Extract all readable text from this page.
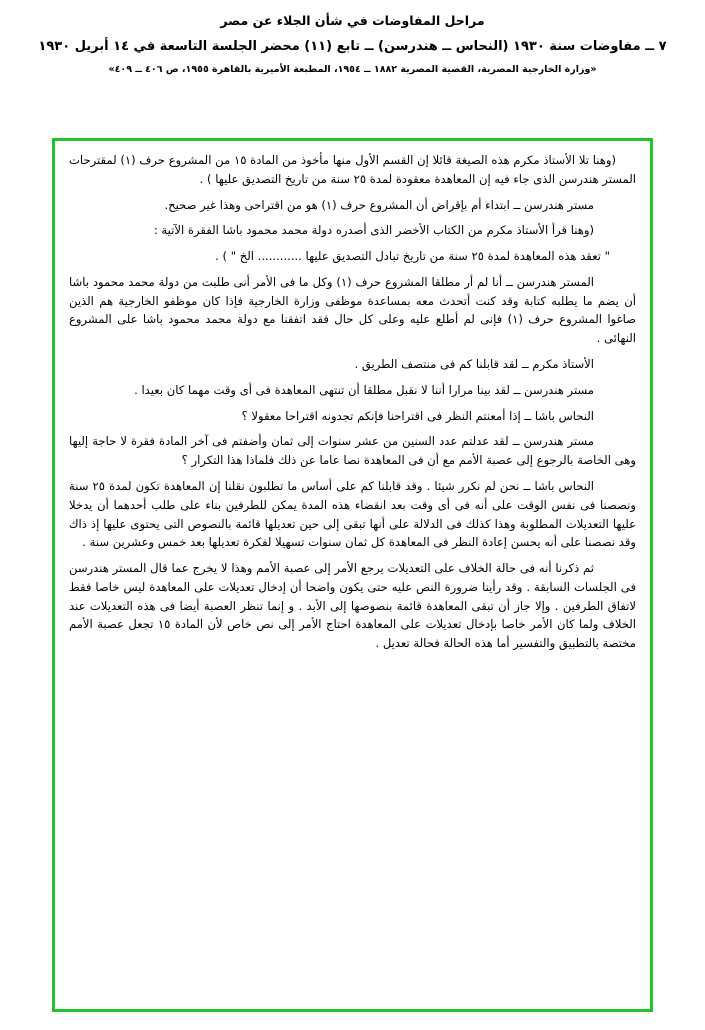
مراحل المفاوضات في شأن الجلاء عن مصر
٧ ــ مفاوضات سنة ١٩٣٠ (النحاس ــ هندرسن) ــ تابع (١١) محضر الجلسة التاسعة في ١٤ أبريل ١٩٣٠
«وزارة الخارجية المصرية، القضية المصرية ١٨٨٢ ــ ١٩٥٤، المطبعة الأميرية بالقاهرة ١٩٥٥، ص ٤٠٦ ــ ٤٠٩»

(وهنا تلا الأستاذ مكرم هذه الصيغة قائلا إن القسم الأول منها مأخوذ من المادة ١٥ من المشروع حرف (١) لمقترحات المستر هندرسن الذى جاء فيه إن المعاهدة معقودة لمدة ٢٥ سنة من تاريخ التصديق عليها ) .

مستر هندرسن ــ ابتداء أم بإقراض أن المشروع حرف (١) هو من اقتراحى وهذا غير صحيح.

(وهنا قرأ الأستاذ مكرم من الكتاب الأخضر الذى أصدره دولة محمد محمود باشا الفقرة الآتية :

" تعقد هذه المعاهدة لمدة ٢٥ سنة من تاريخ تبادل التصديق عليها ............ الخ " ) .

المستر هندرسن ــ أنا لم أر مطلقا المشروع حرف (١) وكل ما فى الأمر أنى طلبت من دولة محمد محمود باشا أن يضم ما يطلبه كتابة وقد كنت أتحدث معه بمساعدة موظفى وزارة الخارجية فإذا كان موظفو الخارجية هم الذين صاغوا المشروع حرف (١) فإنى لم أطلع عليه وعلى كل حال فقد اتفقنا مع دولة محمد محمود باشا على المشروع النهائى .

الأستاذ مكرم ــ لقد قابلنا كم فى منتصف الطريق .

مستر هندرسن ــ لقد بينا مرارا أننا لا نقبل مطلقا أن تنتهى المعاهدة فى أى وقت مهما كان بعيدا .

النحاس باشا ــ إذا أمعنتم النظر فى اقتراحنا فإنكم تجدونه اقتراحا معقولا ؟

مستر هندرسن ــ لقد عدلتم عدد السنين من عشر سنوات إلى ثمان وأضفتم فى آخر المادة فقرة لا حاجة إليها وهى الخاصة بالرجوع إلى عصبة الأمم مع أن فى المعاهدة نصا عاما عن ذلك فلماذا هذا التكرار ؟

النحاس باشا ــ نحن لم نكرر شيئا . وقد قابلنا كم على أساس ما تطلبون نقلنا إن المعاهدة تكون لمدة ٢٥ سنة ونصصنا فى نفس الوقت على أنه فى أى وقت بعد انقضاء هذه المدة يمكن للطرفين بناء على طلب أحدهما أن يدخلا عليها التعديلات المطلوبة وهذا كذلك فى الدلالة على أنها تبقى إلى حين تعديلها قائمة بالنصوص التى يحتوى عليها إذ ذاك وقد نصصنا على أنه يحسن إعادة النظر فى المعاهدة كل ثمان سنوات تسهيلا لفكرة تعديلها بعد خمس وعشرين سنة .

ثم ذكرنا أنه فى حالة الخلاف على التعديلات يرجع الأمر إلى عصبة الأمم وهذا لا يخرج عما قال المستر هندرسن فى الجلسات السابقة . وقد رأينا ضرورة النص عليه حتى يكون واضحا أن إدخال تعديلات على المعاهدة ليس خاصا فقط لاتفاق الطرفين . وإلا جاز أن تبقى المعاهدة قائمة بنصوصها إلى الأبد . و إنما تنظر العصبة أيضا فى هذه التعديلات عند الخلاف ولما كان الأمر خاصا بإدخال تعديلات على المعاهدة احتاج الأمر إلى نص خاص لأن المادة ١٥ تجعل عصبة الأمم مختصة بالتطبيق والتفسير أما هذه الحالة فحالة تعديل .
